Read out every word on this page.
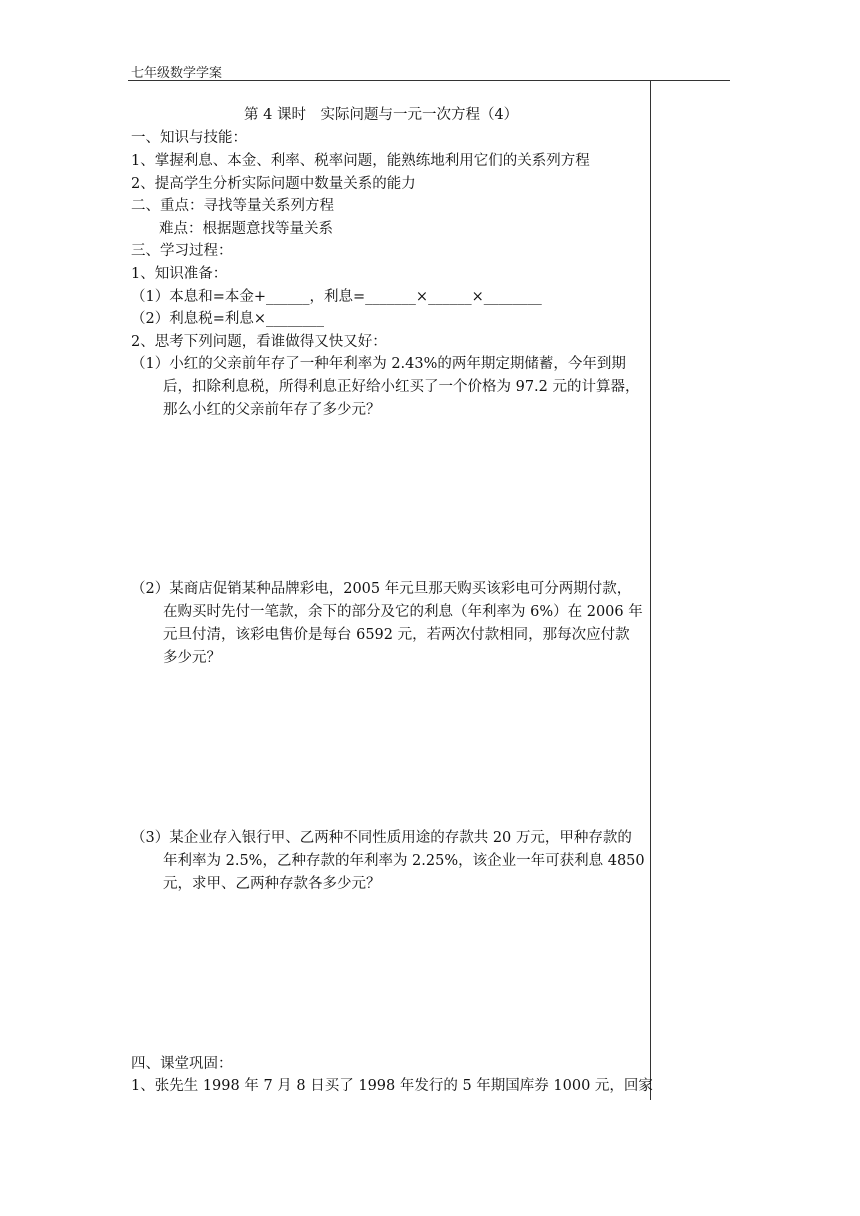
七年级数学学案
第 4 课时　实际问题与一元一次方程（4）
一、知识与技能：
1、掌握利息、本金、利率、税率问题，能熟练地利用它们的关系列方程
2、提高学生分析实际问题中数量关系的能力
二、重点：寻找等量关系列方程
难点：根据题意找等量关系
三、学习过程：
1、知识准备：
（1）本息和=本金+______，利息=_______×______×________
（2）利息税=利息×________
2、思考下列问题，看谁做得又快又好：
（1）小红的父亲前年存了一种年利率为 2.43%的两年期定期储蓄，今年到期
后，扣除利息税，所得利息正好给小红买了一个价格为 97.2 元的计算器，
那么小红的父亲前年存了多少元？
（2）某商店促销某种品牌彩电，2005 年元旦那天购买该彩电可分两期付款，
在购买时先付一笔款，余下的部分及它的利息（年利率为 6%）在 2006 年
元旦付清，该彩电售价是每台 6592 元，若两次付款相同，那每次应付款
多少元？
（3）某企业存入银行甲、乙两种不同性质用途的存款共 20 万元，甲种存款的
年利率为 2.5%，乙种存款的年利率为 2.25%，该企业一年可获利息 4850
元，求甲、乙两种存款各多少元？
四、课堂巩固：
1、张先生 1998 年 7 月 8 日买了 1998 年发行的 5 年期国库券 1000 元，回家
